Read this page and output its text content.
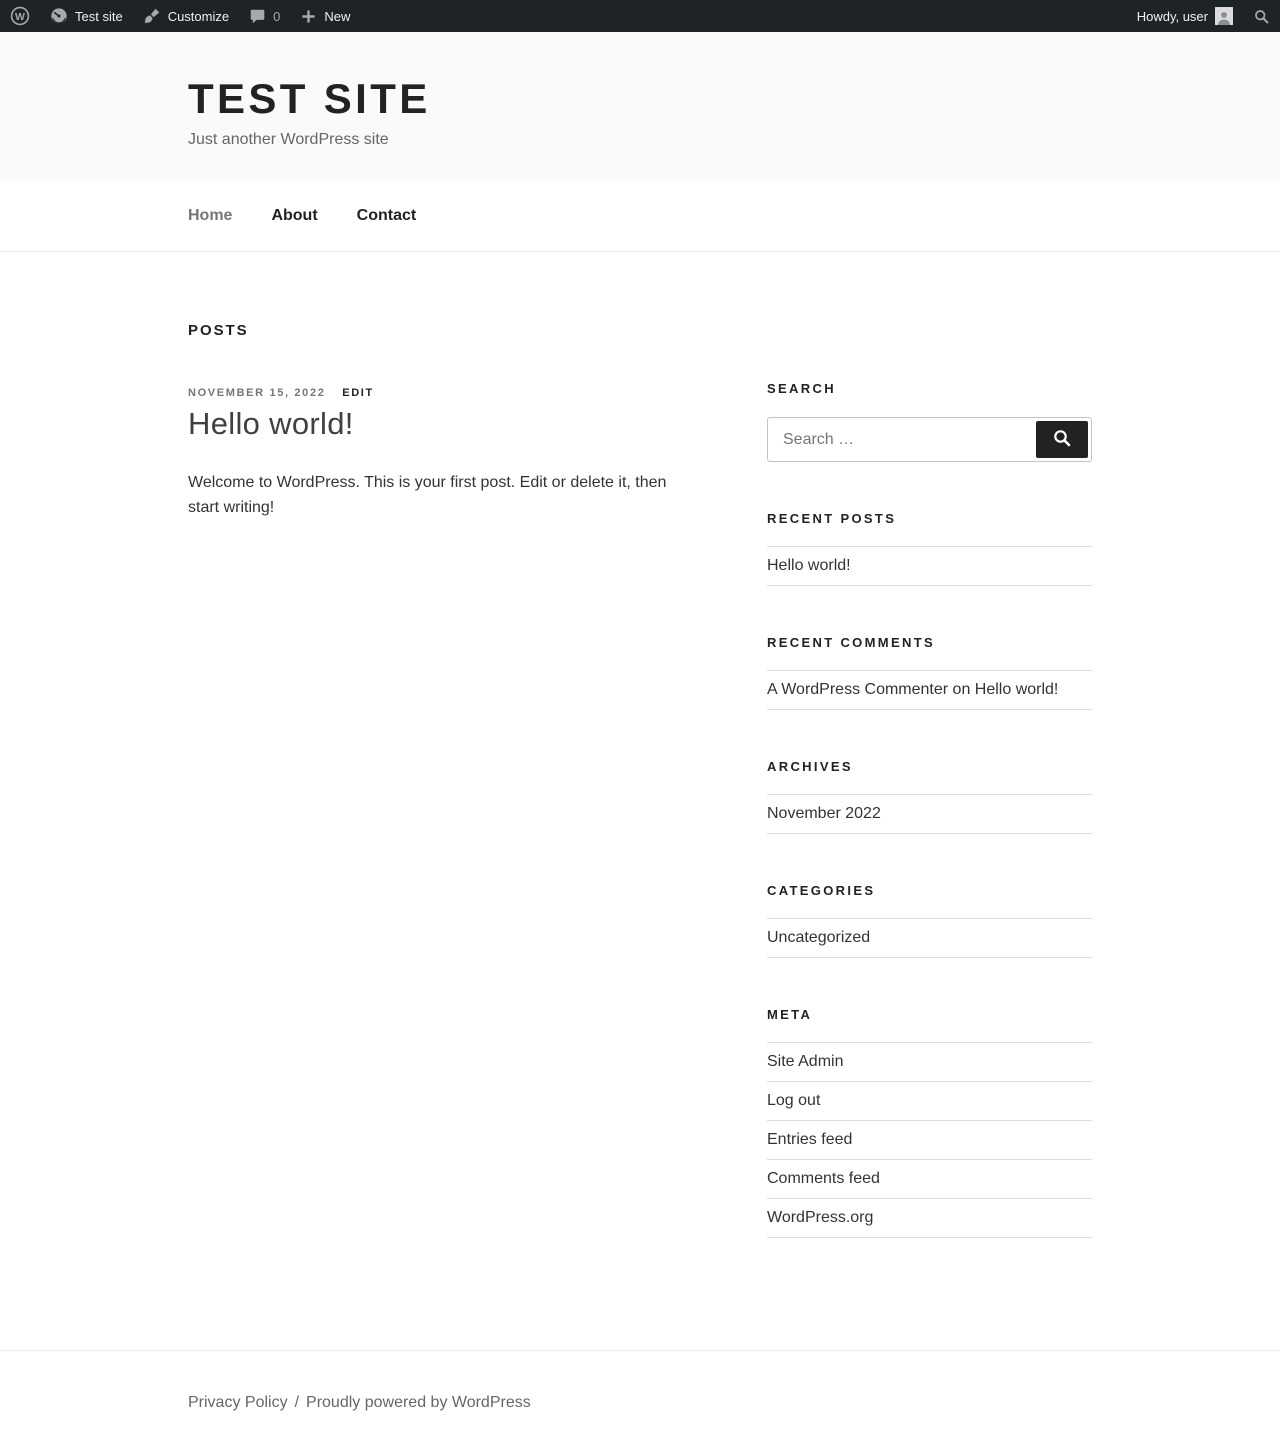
W	Test site	Customize	0	New	Howdy, user
TEST SITE

Just another WordPress site

Home About Contact
POSTS
NOVEMBER 15, 2022 EDIT
Hello world!

Welcome to WordPress. This is your first post. Edit or delete it, then start writing!

SEARCH
Search …
RECENT POSTS
Hello world!
RECENT COMMENTS
A WordPress Commenter on Hello world!
ARCHIVES
November 2022
CATEGORIES
Uncategorized
META
Site Admin
Log out
Entries feed
Comments feed
WordPress.org
Privacy Policy / Proudly powered by WordPress
